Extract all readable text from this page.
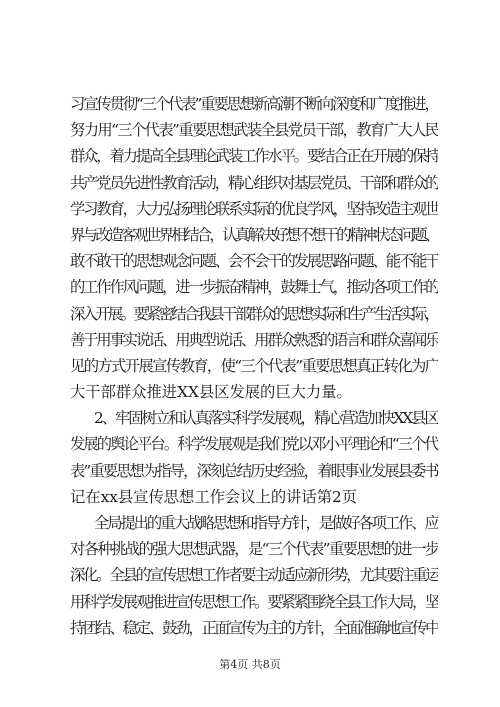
习宣传贯彻“三个代表”重要思想新高潮不断向深度和广度推进，
努力用“三个代表”重要思想武装全县党员干部，教育广大人民
群众，着力提高全县理论武装工作水平。要结合正在开展的保持
共产党员先进性教育活动，精心组织对基层党员、干部和群众的
学习教育，大力弘扬理论联系实际的优良学风，坚持改造主观世
界与改造客观世界相结合，认真解决好想不想干的精神状态问题、
敢不敢干的思想观念问题、会不会干的发展思路问题、能不能干
的工作作风问题，进一步振奋精神，鼓舞士气，推动各项工作的
深入开展。要紧密结合我县干部群众的思想实际和生产生活实际，
善于用事实说话、用典型说话、用群众熟悉的语言和群众喜闻乐
见的方式开展宣传教育，使“三个代表”重要思想真正转化为广
大干部群众推进XX县区发展的巨大力量。
2、牢固树立和认真落实科学发展观，精心营造加快XX县区
发展的舆论平台。科学发展观是我们党以邓小平理论和“三个代
表”重要思想为指导，深刻总结历史经验，着眼事业发展县委书
记在xx县宣传思想工作会议上的讲话第2页
全局提出的重大战略思想和指导方针，是做好各项工作、应
对各种挑战的强大思想武器，是“三个代表”重要思想的进一步
深化。全县的宣传思想工作者要主动适应新形势，尤其要注重运
用科学发展观推进宣传思想工作。要紧紧围绕全县工作大局，坚
持团结、稳定、鼓劲，正面宣传为主的方针，全面准确地宣传中
第4页 共8页
